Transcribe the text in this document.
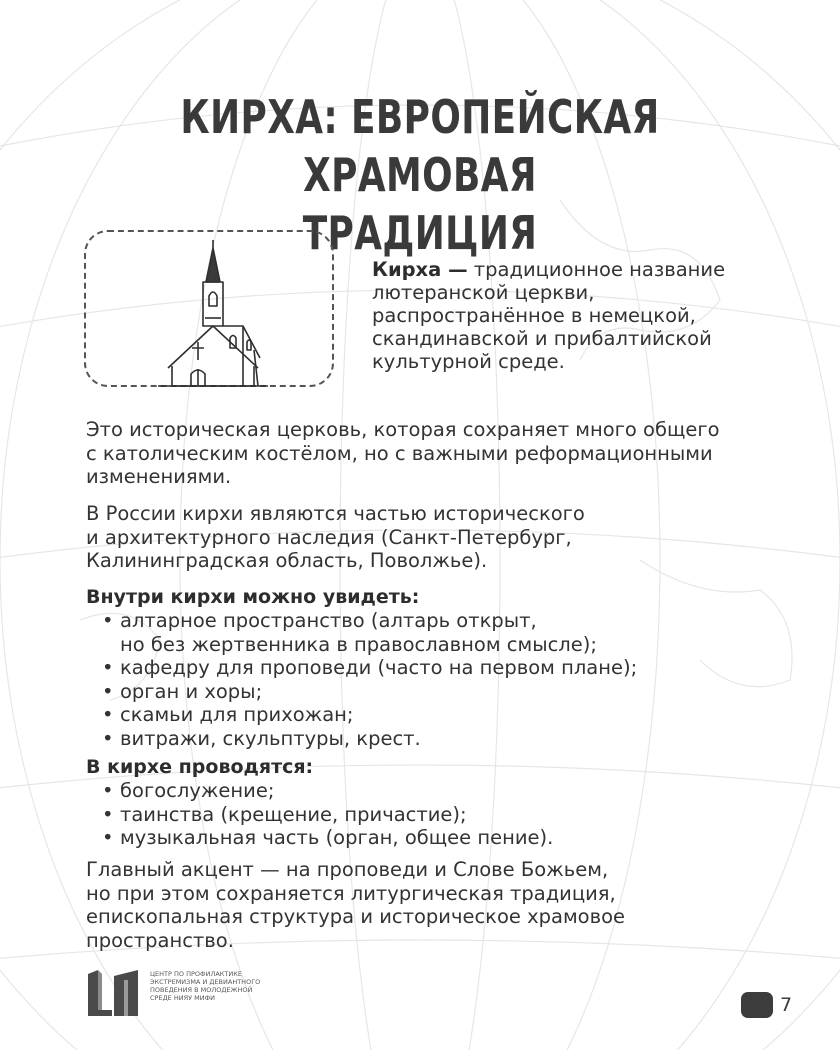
КИРХА: ЕВРОПЕЙСКАЯ ХРАМОВАЯ
ТРАДИЦИЯ

Кирха — традиционное название
лютеранской церкви,
распространённое в немецкой,
скандинавской и прибалтийской
культурной среде.

Это историческая церковь, которая сохраняет много общего
с католическим костёлом, но с важными реформационными
изменениями.

В России кирхи являются частью исторического
и архитектурного наследия (Санкт-Петербург,
Калининградская область, Поволжье).

Внутри кирхи можно увидеть:

• алтарное пространство (алтарь открыт,
но без жертвенника в православном смысле);
• кафедру для проповеди (часто на первом плане);
• орган и хоры;
• скамьи для прихожан;
• витражи, скульптуры, крест.

В кирхе проводятся:

• богослужение;
• таинства (крещение, причастие);
• музыкальная часть (орган, общее пение).

Главный акцент — на проповеди и Слове Божьем,
но при этом сохраняется литургическая традиция,
епископальная структура и историческое храмовое
пространство.

ЦЕНТР ПО ПРОФИЛАКТИКЕ
ЭКСТРЕМИЗМА И ДЕВИАНТНОГО
ПОВЕДЕНИЯ В МОЛОДЕЖНОЙ
СРЕДЕ НИЯУ МИФИ	7
